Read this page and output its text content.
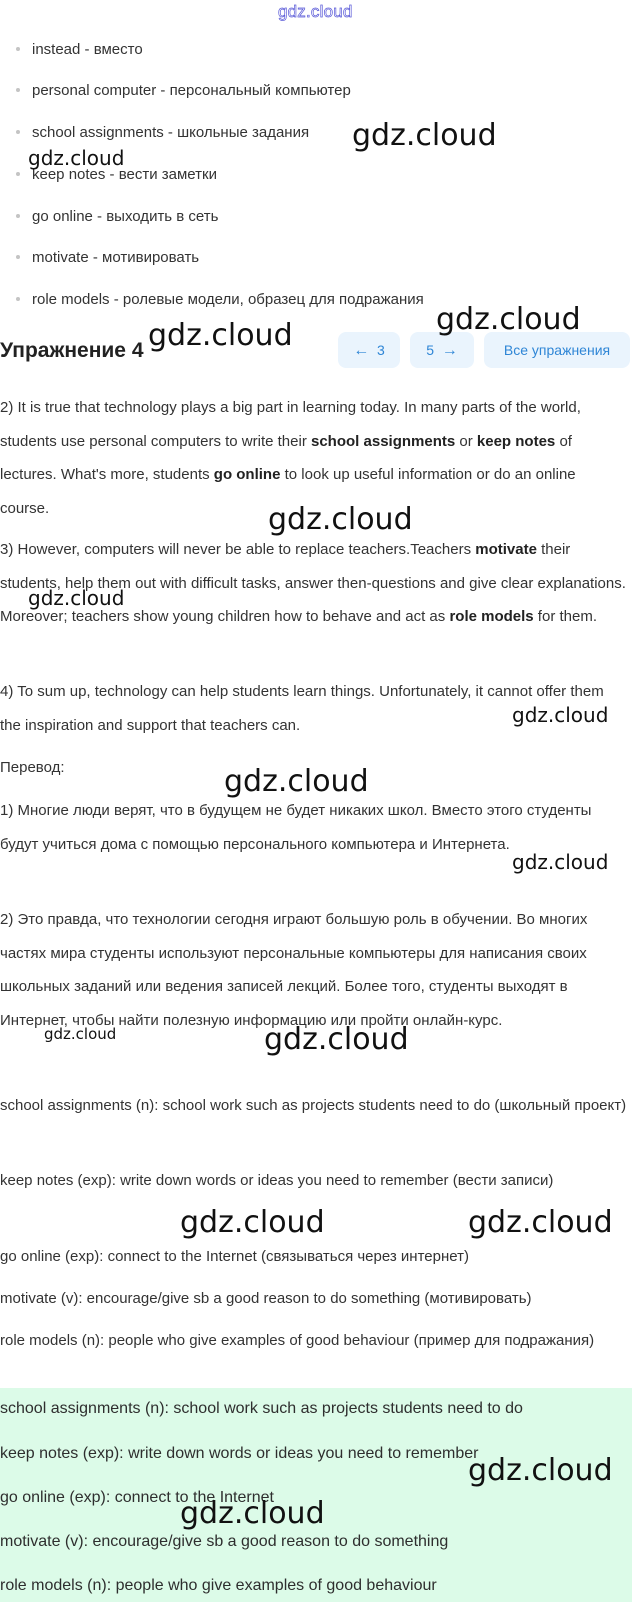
gdz.cloud
instead - вместо
personal computer - персональный компьютер
school assignments - школьные задания
keep notes - вести заметки
go online - выходить в сеть
motivate - мотивировать
role models - ролевые модели, образец для подражания
Упражнение 4	← 3	5 →	Все упражнения

2) It is true that technology plays a big part in learning today. In many parts of the world, students use personal computers to write their school assignments or keep notes of lectures. What's more, students go online to look up useful information or do an online course.

3) However, computers will never be able to replace teachers.Teachers motivate their students, help them out with difficult tasks, answer then-questions and give clear explanations. Moreover; teachers show young children how to behave and act as role models for them.

4) To sum up, technology can help students learn things. Unfortunately, it cannot offer them the inspiration and support that teachers can.

Перевод:

1) Многие люди верят, что в будущем не будет никаких школ. Вместо этого студенты будут учиться дома с помощью персонального компьютера и Интернета.

2) Это правда, что технологии сегодня играют большую роль в обучении. Во многих частях мира студенты используют персональные компьютеры для написания своих школьных заданий или ведения записей лекций. Более того, студенты выходят в Интернет, чтобы найти полезную информацию или пройти онлайн-курс.

school assignments (n): school work such as projects students need to do (школьный проект)

keep notes (exp): write down words or ideas you need to remember (вести записи)

go online (exp): connect to the Internet (связываться через интернет)

motivate (v): encourage/give sb a good reason to do something (мотивировать)

role models (n): people who give examples of good behaviour (пример для подражания)

school assignments (n): school work such as projects students need to do
keep notes (exp): write down words or ideas you need to remember
go online (exp): connect to the Internet
motivate (v): encourage/give sb a good reason to do something
role models (n): people who give examples of good behaviour
gdz.cloud
gdz.cloud
gdz.cloud	gdz.cloud
gdz.cloud
gdz.cloud
gdz.cloud
gdz.cloud
gdz.cloud
gdz.cloud
gdz.cloud
gdz.cloud	gdz.cloud
gdz.cloud
gdz.cloud
